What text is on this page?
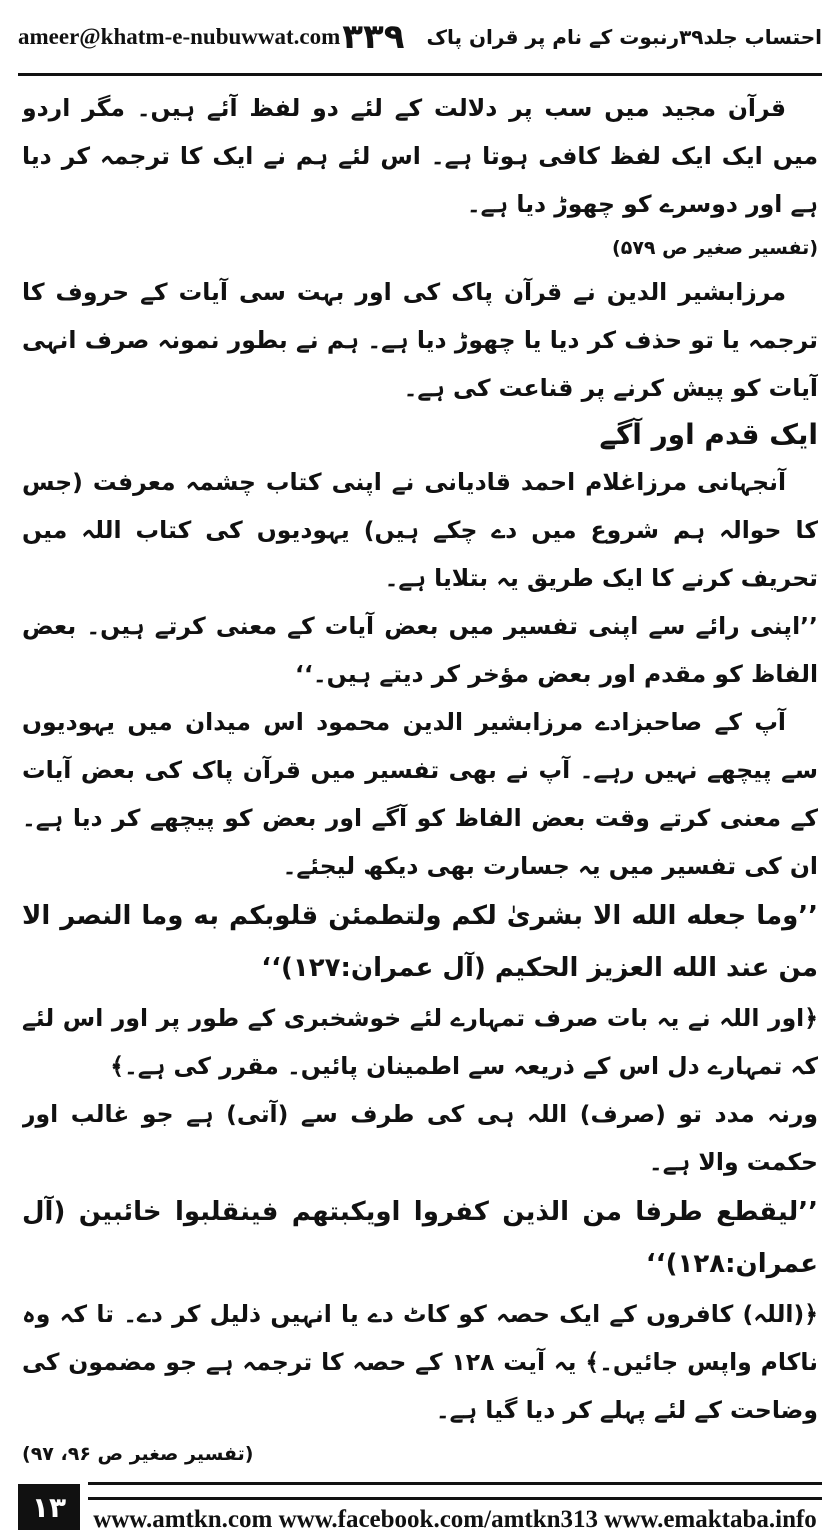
ameer@khatm-e-nubuwwat.com	احتساب جلد۳۹رنبوت کے نام پر قران پاک
۳۳۹

قرآن مجید میں سب پر دلالت کے لئے دو لفظ آئے ہیں۔ مگر اردو میں ایک ایک لفظ کافی ہوتا ہے۔ اس لئے ہم نے ایک کا ترجمہ کر دیا ہے اور دوسرے کو چھوڑ دیا ہے۔

(تفسیر صغیر ص ۵۷۹)

مرزابشیر الدین نے قرآن پاک کی اور بہت سی آیات کے حروف کا ترجمہ یا تو حذف کر دیا یا چھوڑ دیا ہے۔ ہم نے بطور نمونہ صرف انہی آیات کو پیش کرنے پر قناعت کی ہے۔

ایک قدم اور آگے

آنجہانی مرزاغلام احمد قادیانی نے اپنی کتاب چشمہ معرفت (جس کا حوالہ ہم شروع میں دے چکے ہیں) یہودیوں کی کتاب اللہ میں تحریف کرنے کا ایک طریق یہ بتلایا ہے۔

’’اپنی رائے سے اپنی تفسیر میں بعض آیات کے معنی کرتے ہیں۔ بعض الفاظ کو مقدم اور بعض مؤخر کر دیتے ہیں۔‘‘

آپ کے صاحبزادے مرزابشیر الدین محمود اس میدان میں یہودیوں سے پیچھے نہیں رہے۔ آپ نے بھی تفسیر میں قرآن پاک کی بعض آیات کے معنی کرتے وقت بعض الفاظ کو آگے اور بعض کو پیچھے کر دیا ہے۔ ان کی تفسیر میں یہ جسارت بھی دیکھ لیجئے۔

’’وما جعله الله الا بشرىٰ لكم ولتطمئن قلوبكم به وما النصر الا من عند الله العزيز الحكيم (آل عمران:۱۲۷)‘‘

﴿اور اللہ نے یہ بات صرف تمہارے لئے خوشخبری کے طور پر اور اس لئے کہ تمہارے دل اس کے ذریعہ سے اطمینان پائیں۔ مقرر کی ہے۔﴾

ورنہ مدد تو (صرف) اللہ ہی کی طرف سے (آتی) ہے جو غالب اور حکمت والا ہے۔

’’ليقطع طرفا من الذين كفروا اويكبتهم فينقلبوا خائبين (آل عمران:۱۲۸)‘‘

﴿(اللہ) کافروں کے ایک حصہ کو کاٹ دے یا انہیں ذلیل کر دے۔ تا کہ وہ ناکام واپس جائیں۔﴾ یہ آیت ۱۲۸ کے حصہ کا ترجمہ ہے جو مضمون کی وضاحت کے لئے پہلے کر دیا گیا ہے۔

(تفسیر صغیر ص ۹۶، ۹۷)

www.amtkn.com www.facebook.com/amtkn313 www.emaktaba.info
۱۳
